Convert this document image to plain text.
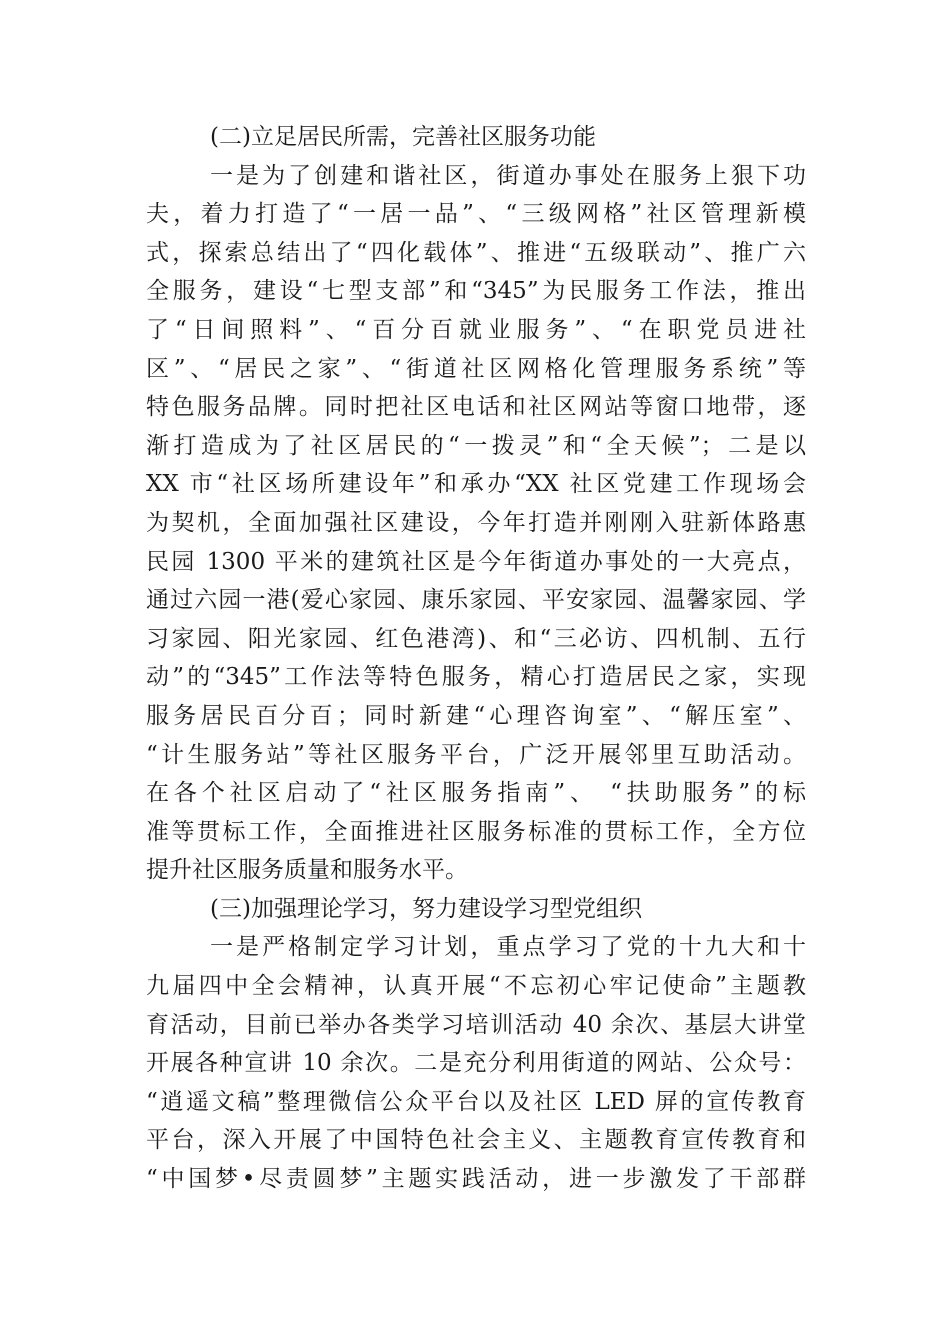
(二)立足居民所需，完善社区服务功能
一是为了创建和谐社区，街道办事处在服务上狠下功
夫，着力打造了“一居一品”、“三级网格”社区管理新模
式，探索总结出了“四化载体”、推进“五级联动”、推广六
全服务，建设“七型支部”和“345”为民服务工作法，推出
了“日间照料”、“百分百就业服务”、“在职党员进社
区”、“居民之家”、“街道社区网格化管理服务系统”等
特色服务品牌。同时把社区电话和社区网站等窗口地带，逐
渐打造成为了社区居民的“一拨灵”和“全天候”；二是以
XX 市“社区场所建设年”和承办“XX 社区党建工作现场会
为契机，全面加强社区建设，今年打造并刚刚入驻新体路惠
民园 1300 平米的建筑社区是今年街道办事处的一大亮点，
通过六园一港(爱心家园、康乐家园、平安家园、温馨家园、学
习家园、阳光家园、红色港湾)、和“三必访、四机制、五行
动”的“345”工作法等特色服务，精心打造居民之家，实现
服务居民百分百；同时新建“心理咨询室”、“解压室”、
“计生服务站”等社区服务平台，广泛开展邻里互助活动。
在各个社区启动了“社区服务指南”、 “扶助服务”的标
准等贯标工作，全面推进社区服务标准的贯标工作，全方位
提升社区服务质量和服务水平。
(三)加强理论学习，努力建设学习型党组织
一是严格制定学习计划，重点学习了党的十九大和十
九届四中全会精神，认真开展“不忘初心牢记使命”主题教
育活动，目前已举办各类学习培训活动 40 余次、基层大讲堂
开展各种宣讲 10 余次。二是充分利用街道的网站、公众号：
“逍遥文稿”整理微信公众平台以及社区 LED 屏的宣传教育
平台，深入开展了中国特色社会主义、主题教育宣传教育和
“中国梦•尽责圆梦”主题实践活动，进一步激发了干部群
